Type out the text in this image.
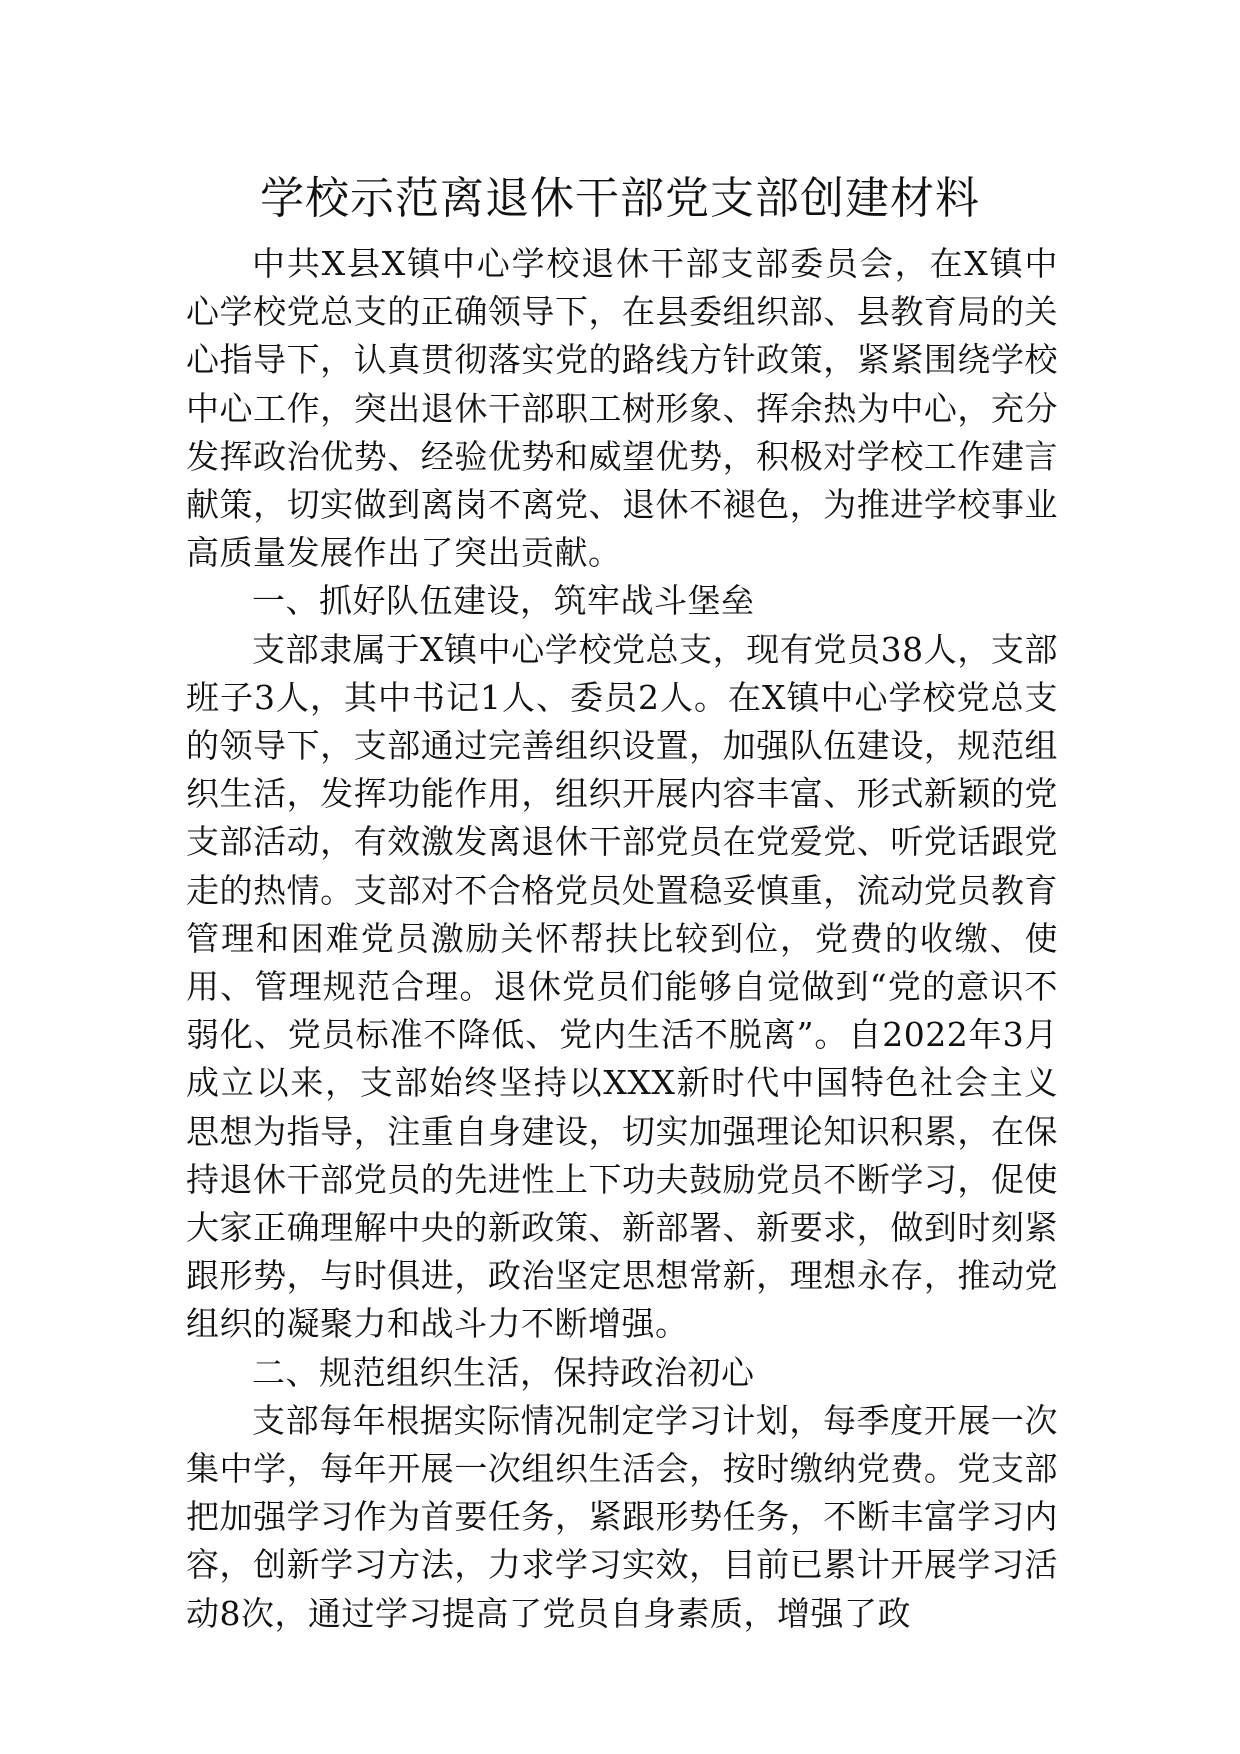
学校示范离退休干部党支部创建材料

中共X县X镇中心学校退休干部支部委员会，在X镇中心学校党总支的正确领导下，在县委组织部、县教育局的关心指导下，认真贯彻落实党的路线方针政策，紧紧围绕学校中心工作，突出退休干部职工树形象、挥余热为中心，充分发挥政治优势、经验优势和威望优势，积极对学校工作建言献策，切实做到离岗不离党、退休不褪色，为推进学校事业高质量发展作出了突出贡献。

一、抓好队伍建设，筑牢战斗堡垒

支部隶属于X镇中心学校党总支，现有党员38人，支部班子3人，其中书记1人、委员2人。在X镇中心学校党总支的领导下，支部通过完善组织设置，加强队伍建设，规范组织生活，发挥功能作用，组织开展内容丰富、形式新颖的党支部活动，有效激发离退休干部党员在党爱党、听党话跟党走的热情。支部对不合格党员处置稳妥慎重，流动党员教育管理和困难党员激励关怀帮扶比较到位，党费的收缴、使用、管理规范合理。退休党员们能够自觉做到“党的意识不弱化、党员标准不降低、党内生活不脱离”。自2022年3月成立以来，支部始终坚持以XXX新时代中国特色社会主义思想为指导，注重自身建设，切实加强理论知识积累，在保持退休干部党员的先进性上下功夫鼓励党员不断学习，促使大家正确理解中央的新政策、新部署、新要求，做到时刻紧跟形势，与时俱进，政治坚定思想常新，理想永存，推动党组织的凝聚力和战斗力不断增强。

二、规范组织生活，保持政治初心

支部每年根据实际情况制定学习计划，每季度开展一次集中学，每年开展一次组织生活会，按时缴纳党费。党支部把加强学习作为首要任务，紧跟形势任务，不断丰富学习内容，创新学习方法，力求学习实效，目前已累计开展学习活动8次，通过学习提高了党员自身素质，增强了政
